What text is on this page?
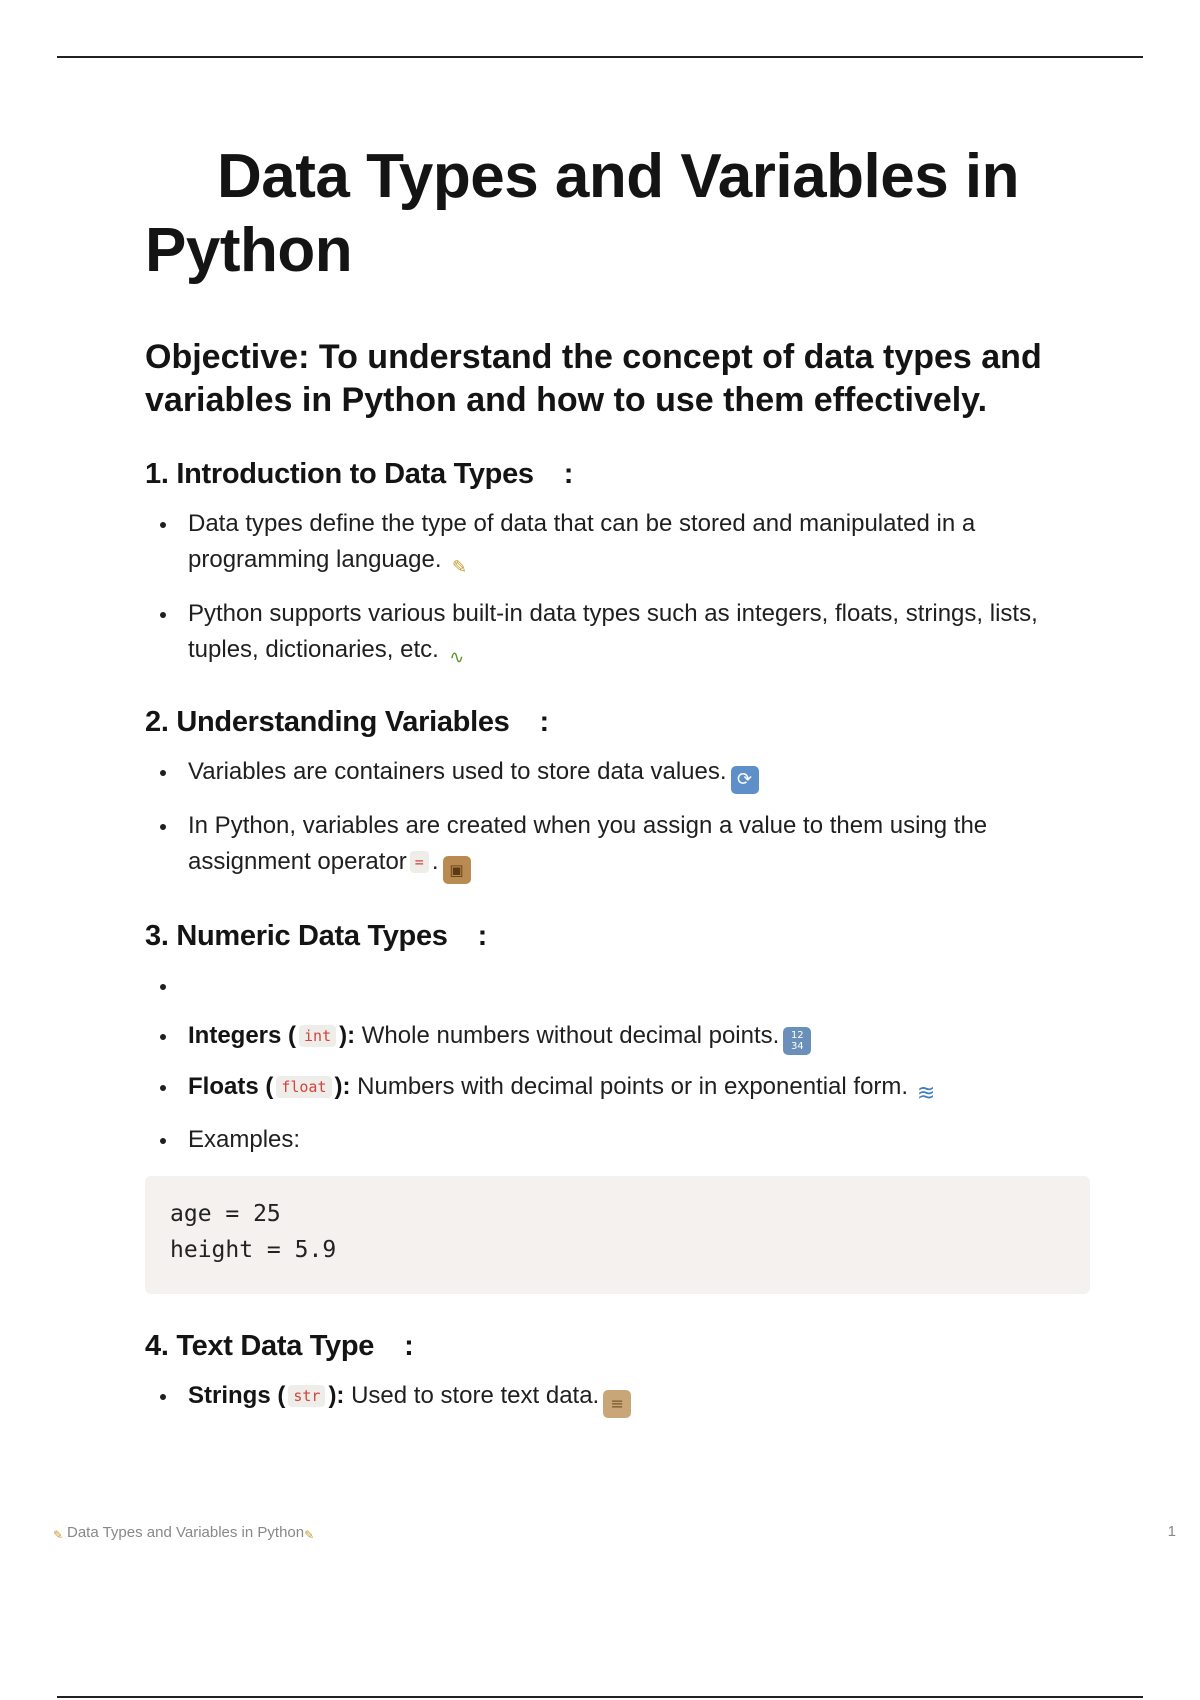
Data Types and Variables in Python
Objective: To understand the concept of data types and variables in Python and how to use them effectively.
1. Introduction to Data Types :
Data types define the type of data that can be stored and manipulated in a programming language. ✎
Python supports various built-in data types such as integers, floats, strings, lists, tuples, dictionaries, etc. ∿
2. Understanding Variables :
Variables are containers used to store data values. ⟳
In Python, variables are created when you assign a value to them using the assignment operator = . ▣
3. Numeric Data Types :
Integers ( int ): Whole numbers without decimal points. 12 34
Floats ( float ): Numbers with decimal points or in exponential form. ≋
Examples:
age = 25
height = 5.9
4. Text Data Type :
Strings ( str ): Used to store text data. ≡
✎ Data Types and Variables in Python✎	1
